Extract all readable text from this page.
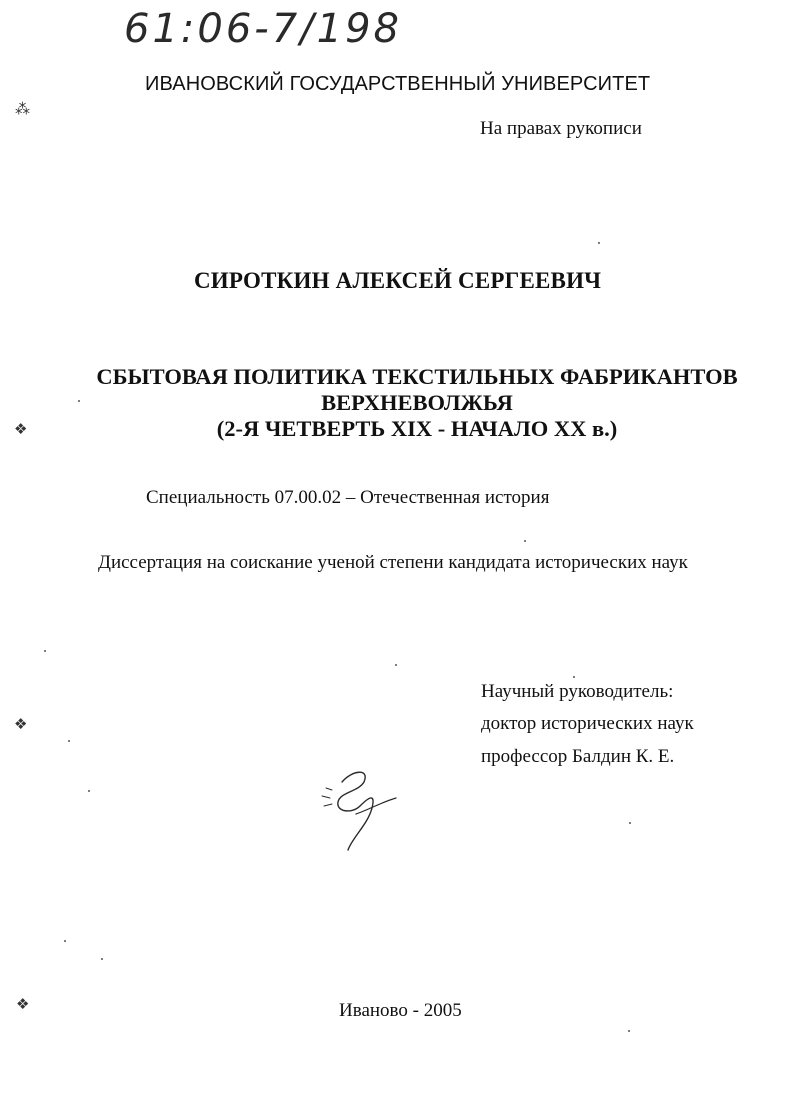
61:06-7/198
ИВАНОВСКИЙ ГОСУДАРСТВЕННЫЙ УНИВЕРСИТЕТ
На правах рукописи
СИРОТКИН АЛЕКСЕЙ СЕРГЕЕВИЧ
СБЫТОВАЯ ПОЛИТИКА ТЕКСТИЛЬНЫХ ФАБРИКАНТОВ
ВЕРХНЕВОЛЖЬЯ
(2-Я ЧЕТВЕРТЬ XIX - НАЧАЛО XX в.)
Специальность 07.00.02 – Отечественная история
Диссертация на соискание ученой степени кандидата исторических наук
Научный руководитель:
доктор исторических наук
профессор Балдин К. Е.
Иваново - 2005
⁂
❖
❖
❖
